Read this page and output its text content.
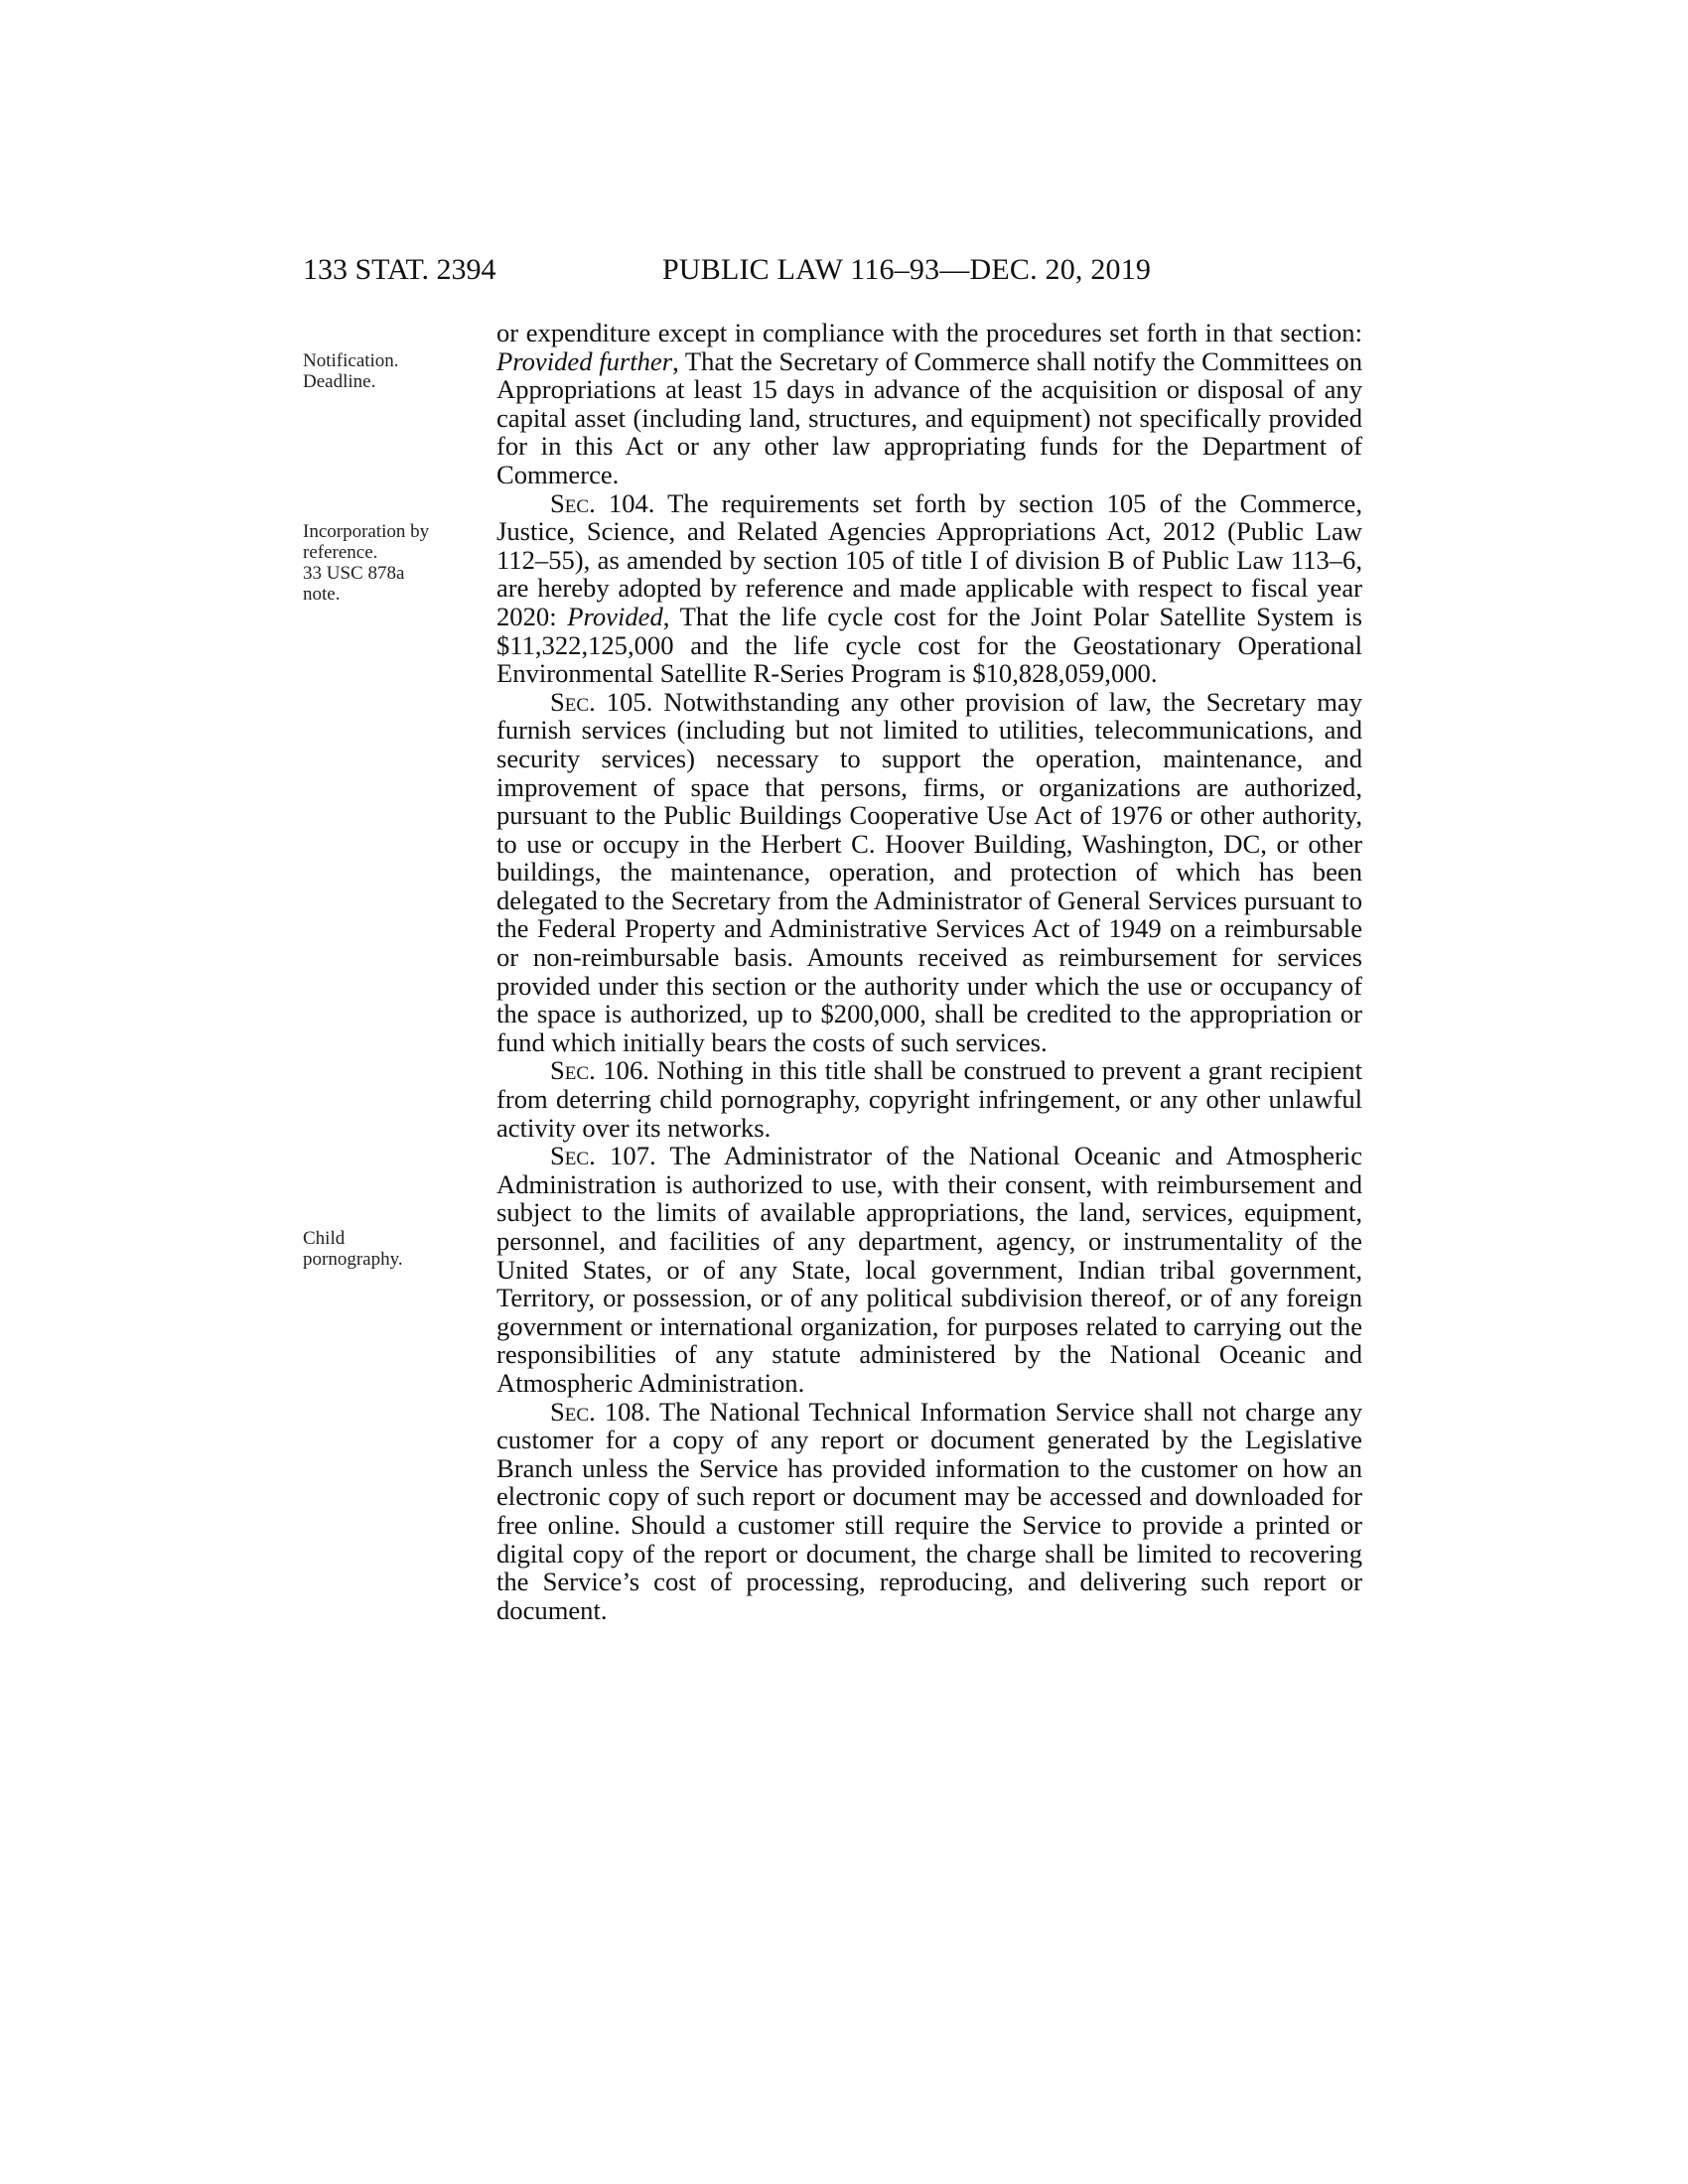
133 STAT. 2394	PUBLIC LAW 116–93—DEC. 20, 2019
Notification.
Deadline.
Incorporation by
reference.
33 USC 878a
note.
Child
pornography.

or expenditure except in compliance with the procedures set forth in that section: Provided further, That the Secretary of Commerce shall notify the Committees on Appropriations at least 15 days in advance of the acquisition or disposal of any capital asset (including land, structures, and equipment) not specifically provided for in this Act or any other law appropriating funds for the Department of Commerce.

Sec. 104. The requirements set forth by section 105 of the Commerce, Justice, Science, and Related Agencies Appropriations Act, 2012 (Public Law 112–55), as amended by section 105 of title I of division B of Public Law 113–6, are hereby adopted by reference and made applicable with respect to fiscal year 2020: Provided, That the life cycle cost for the Joint Polar Satellite System is $11,322,125,000 and the life cycle cost for the Geostationary Operational Environmental Satellite R-Series Program is $10,828,059,000.

Sec. 105. Notwithstanding any other provision of law, the Secretary may furnish services (including but not limited to utilities, telecommunications, and security services) necessary to support the operation, maintenance, and improvement of space that persons, firms, or organizations are authorized, pursuant to the Public Buildings Cooperative Use Act of 1976 or other authority, to use or occupy in the Herbert C. Hoover Building, Washington, DC, or other buildings, the maintenance, operation, and protection of which has been delegated to the Secretary from the Administrator of General Services pursuant to the Federal Property and Administrative Services Act of 1949 on a reimbursable or non-reimbursable basis. Amounts received as reimbursement for services provided under this section or the authority under which the use or occupancy of the space is authorized, up to $200,000, shall be credited to the appropriation or fund which initially bears the costs of such services.

Sec. 106. Nothing in this title shall be construed to prevent a grant recipient from deterring child pornography, copyright infringement, or any other unlawful activity over its networks.

Sec. 107. The Administrator of the National Oceanic and Atmospheric Administration is authorized to use, with their consent, with reimbursement and subject to the limits of available appropriations, the land, services, equipment, personnel, and facilities of any department, agency, or instrumentality of the United States, or of any State, local government, Indian tribal government, Territory, or possession, or of any political subdivision thereof, or of any foreign government or international organization, for purposes related to carrying out the responsibilities of any statute administered by the National Oceanic and Atmospheric Administration.

Sec. 108. The National Technical Information Service shall not charge any customer for a copy of any report or document generated by the Legislative Branch unless the Service has provided information to the customer on how an electronic copy of such report or document may be accessed and downloaded for free online. Should a customer still require the Service to provide a printed or digital copy of the report or document, the charge shall be limited to recovering the Service’s cost of processing, reproducing, and delivering such report or document.
